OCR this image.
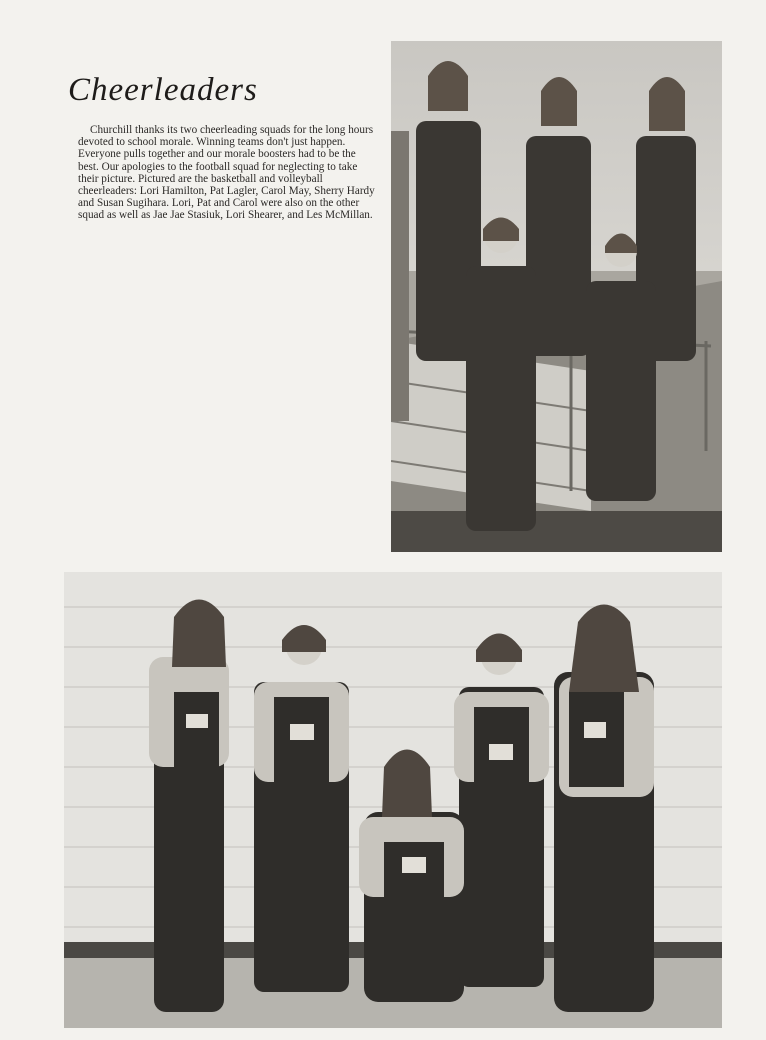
Cheerleaders

Churchill thanks its two cheerleading squads for the long hours devoted to school morale. Winning teams don't just happen. Everyone pulls together and our morale boosters had to be the best. Our apologies to the football squad for neglecting to take their picture. Pictured are the basketball and volleyball cheerleaders: Lori Hamilton, Pat Lagler, Carol May, Sherry Hardy and Susan Sugihara. Lori, Pat and Carol were also on the other squad as well as Jae Jae Stasiuk, Lori Shearer, and Les McMillan.
